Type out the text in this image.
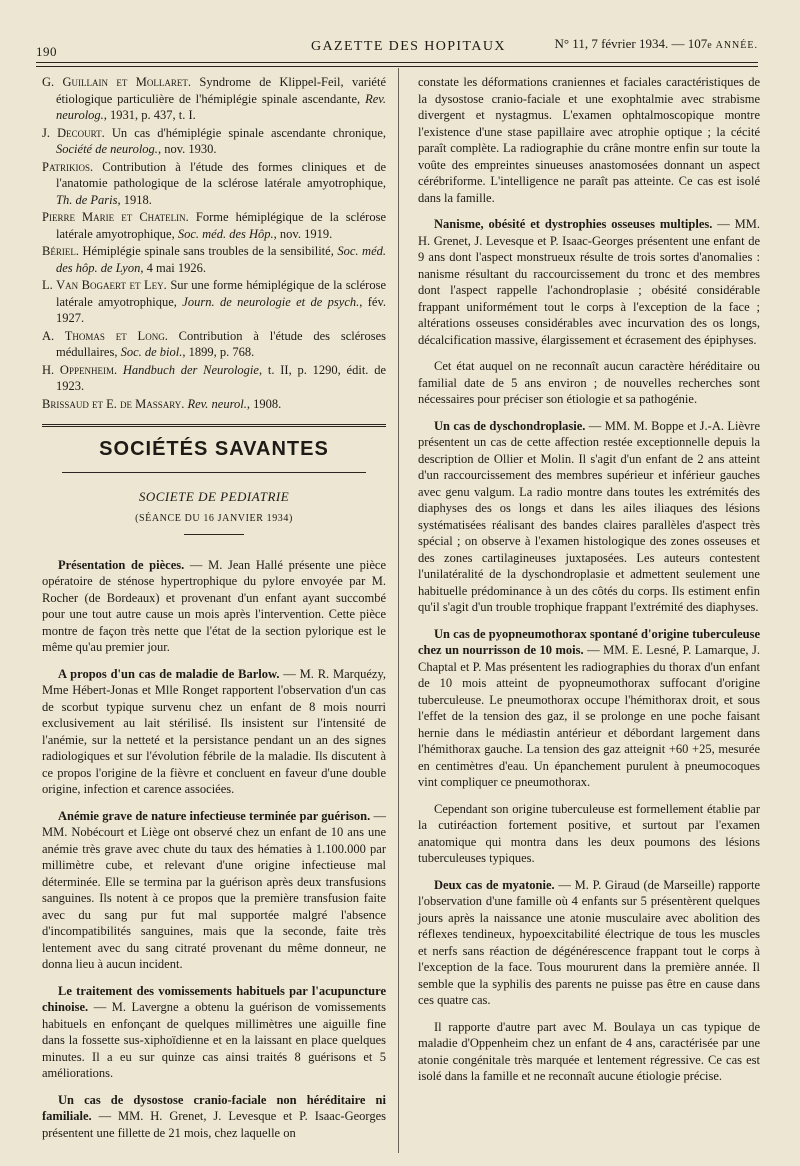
190	GAZETTE DES HOPITAUX	N° 11, 7 février 1934. — 107e ANNÉE.

G. Guillain et Mollaret. Syndrome de Klippel-Feil, variété étiologique particulière de l'hémiplégie spinale ascendante, Rev. neurolog., 1931, p. 437, t. I.

J. Decourt. Un cas d'hémiplégie spinale ascendante chronique, Société de neurolog., nov. 1930.

Patrikios. Contribution à l'étude des formes cliniques et de l'anatomie pathologique de la sclérose latérale amyotrophique, Th. de Paris, 1918.

Pierre Marie et Chatelin. Forme hémiplégique de la sclérose latérale amyotrophique, Soc. méd. des Hôp., nov. 1919.

Bériel. Hémiplégie spinale sans troubles de la sensibilité, Soc. méd. des hôp. de Lyon, 4 mai 1926.

L. Van Bogaert et Ley. Sur une forme hémiplégique de la sclérose latérale amyotrophique, Journ. de neurologie et de psych., fév. 1927.

A. Thomas et Long. Contribution à l'étude des scléroses médullaires, Soc. de biol., 1899, p. 768.

H. Oppenheim. Handbuch der Neurologie, t. II, p. 1290, édit. de 1923.

Brissaud et E. de Massary. Rev. neurol., 1908.

SOCIÉTÉS SAVANTES
SOCIETE DE PEDIATRIE
(SÉANCE DU 16 JANVIER 1934)

Présentation de pièces. — M. Jean Hallé présente une pièce opératoire de sténose hypertrophique du pylore envoyée par M. Rocher (de Bordeaux) et provenant d'un enfant ayant succombé pour une tout autre cause un mois après l'intervention. Cette pièce montre de façon très nette que l'état de la section pylorique est le même qu'au premier jour.

A propos d'un cas de maladie de Barlow. — M. R. Marquézy, Mme Hébert-Jonas et Mlle Ronget rapportent l'observation d'un cas de scorbut typique survenu chez un enfant de 8 mois nourri exclusivement au lait stérilisé. Ils insistent sur l'intensité de l'anémie, sur la netteté et la persistance pendant un an des signes radiologiques et sur l'évolution fébrile de la maladie. Ils discutent à ce propos l'origine de la fièvre et concluent en faveur d'une double origine, infection et carence associées.

Anémie grave de nature infectieuse terminée par guérison. — MM. Nobécourt et Liège ont observé chez un enfant de 10 ans une anémie très grave avec chute du taux des hématies à 1.100.000 par millimètre cube, et relevant d'une origine infectieuse mal déterminée. Elle se termina par la guérison après deux transfusions sanguines. Ils notent à ce propos que la première transfusion faite avec du sang pur fut mal supportée malgré l'absence d'incompatibilités sanguines, mais que la seconde, faite très lentement avec du sang citraté provenant du même donneur, ne donna lieu à aucun incident.

Le traitement des vomissements habituels par l'acupuncture chinoise. — M. Lavergne a obtenu la guérison de vomissements habituels en enfonçant de quelques millimètres une aiguille fine dans la fossette sus-xiphoïdienne et en la laissant en place quelques minutes. Il a eu sur quinze cas ainsi traités 8 guérisons et 5 améliorations.

Un cas de dysostose cranio-faciale non héréditaire ni familiale. — MM. H. Grenet, J. Levesque et P. Isaac-Georges présentent une fillette de 21 mois, chez laquelle on

constate les déformations craniennes et faciales caractéristiques de la dysostose cranio-faciale et une exophtalmie avec strabisme divergent et nystagmus. L'examen ophtalmoscopique montre l'existence d'une stase papillaire avec atrophie optique ; la cécité paraît complète. La radiographie du crâne montre enfin sur toute la voûte des empreintes sinueuses anastomosées donnant un aspect cérébriforme. L'intelligence ne paraît pas atteinte. Ce cas est isolé dans la famille.

Nanisme, obésité et dystrophies osseuses multiples. — MM. H. Grenet, J. Levesque et P. Isaac-Georges présentent une enfant de 9 ans dont l'aspect monstrueux résulte de trois sortes d'anomalies : nanisme résultant du raccourcissement du tronc et des membres dont l'aspect rappelle l'achondroplasie ; obésité considérable frappant uniformément tout le corps à l'exception de la face ; altérations osseuses considérables avec incurvation des os longs, décalcification massive, élargissement et écrasement des épiphyses.

Cet état auquel on ne reconnaît aucun caractère héréditaire ou familial date de 5 ans environ ; de nouvelles recherches sont nécessaires pour préciser son étiologie et sa pathogénie.

Un cas de dyschondroplasie. — MM. M. Boppe et J.-A. Lièvre présentent un cas de cette affection restée exceptionnelle depuis la description de Ollier et Molin. Il s'agit d'un enfant de 2 ans atteint d'un raccourcissement des membres supérieur et inférieur gauches avec genu valgum. La radio montre dans toutes les extrémités des diaphyses des os longs et dans les ailes iliaques des lésions systématisées réalisant des bandes claires parallèles d'aspect très spécial ; on observe à l'examen histologique des zones osseuses et des zones cartilagineuses juxtaposées. Les auteurs contestent l'unilatéralité de la dyschondroplasie et admettent seulement une habituelle prédominance à un des côtés du corps. Ils estiment enfin qu'il s'agit d'un trouble trophique frappant l'extrémité des diaphyses.

Un cas de pyopneumothorax spontané d'origine tuberculeuse chez un nourrisson de 10 mois. — MM. E. Lesné, P. Lamarque, J. Chaptal et P. Mas présentent les radiographies du thorax d'un enfant de 10 mois atteint de pyopneumothorax suffocant d'origine tuberculeuse. Le pneumothorax occupe l'hémithorax droit, et sous l'effet de la tension des gaz, il se prolonge en une poche faisant hernie dans le médiastin antérieur et débordant largement dans l'hémithorax gauche. La tension des gaz atteignit +60 +25, mesurée en centimètres d'eau. Un épanchement purulent à pneumocoques vint compliquer ce pneumothorax.

Cependant son origine tuberculeuse est formellement établie par la cutiréaction fortement positive, et surtout par l'examen anatomique qui montra dans les deux poumons des lésions tuberculeuses typiques.

Deux cas de myatonie. — M. P. Giraud (de Marseille) rapporte l'observation d'une famille où 4 enfants sur 5 présentèrent quelques jours après la naissance une atonie musculaire avec abolition des réflexes tendineux, hypoexcitabilité électrique de tous les muscles et nerfs sans réaction de dégénérescence frappant tout le corps à l'exception de la face. Tous moururent dans la première année. Il semble que la syphilis des parents ne puisse pas être en cause dans ces quatre cas.

Il rapporte d'autre part avec M. Boulaya un cas typique de maladie d'Oppenheim chez un enfant de 4 ans, caractérisée par une atonie congénitale très marquée et lentement régressive. Ce cas est isolé dans la famille et ne reconnaît aucune étiologie précise.
